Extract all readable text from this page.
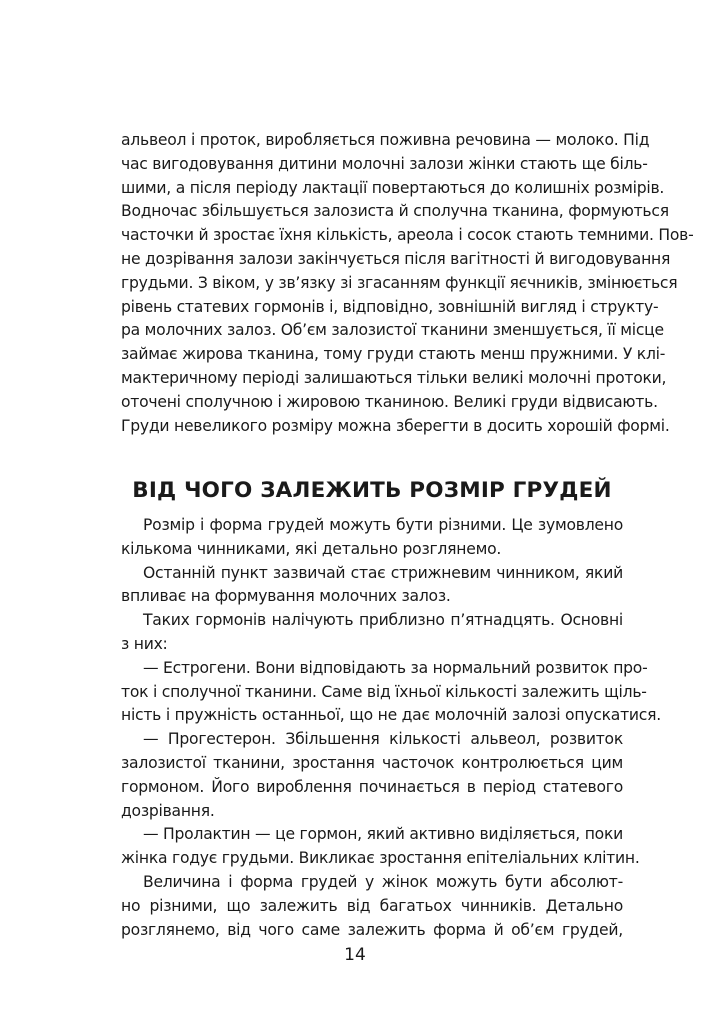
альвеол і проток, виробляється поживна речовина — молоко. Під
час вигодовування дитини молочні залози жінки стають ще біль-
шими, а після періоду лактації повертаються до колишніх розмірів.
Водночас збільшується залозиста й сполучна тканина, формуються
часточки й зростає їхня кількість, ареола і сосок стають темними. Пов-
не дозрівання залози закінчується після вагітності й вигодовування
грудьми. З віком, у зв’язку зі згасанням функції яєчників, змінюється
рівень статевих гормонів і, відповідно, зовнішній вигляд і структу-
ра молочних залоз. Об’єм залозистої тканини зменшується, її місце
займає жирова тканина, тому груди стають менш пружними. У клі-
мактеричному періоді залишаються тільки великі молочні протоки,
оточені сполучною і жировою тканиною. Великі груди відвисають.
Груди невеликого розміру можна зберегти в досить хорошій формі.
ВІД ЧОГО ЗАЛЕЖИТЬ РОЗМІР ГРУДЕЙ
Розмір і форма грудей можуть бути різними. Це зумовлено
кількома чинниками, які детально розглянемо.
Останній пункт зазвичай стає стрижневим чинником, який
впливає на формування молочних залоз.
Таких гормонів налічують приблизно п’ятнадцять. Основні
з них:
— Естрогени. Вони відповідають за нормальний розвиток про-
ток і сполучної тканини. Саме від їхньої кількості залежить щіль-
ність і пружність останньої, що не дає молочній залозі опускатися.
— Прогестерон. Збільшення кількості альвеол, розвиток
залозистої тканини, зростання часточок контролюється цим
гормоном. Його вироблення починається в період статевого
дозрівання.
— Пролактин — це гормон, який активно виділяється, поки
жінка годує грудьми. Викликає зростання епітеліальних клітин.
Величина і форма грудей у жінок можуть бути абсолют-
но різними, що залежить від багатьох чинників. Детально
розглянемо, від чого саме залежить форма й об’єм грудей,
14
